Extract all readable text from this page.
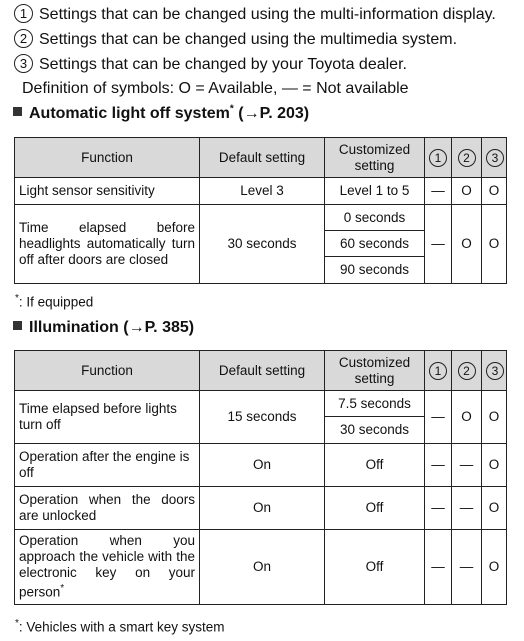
1 Settings that can be changed using the multi-information display.
2 Settings that can be changed using the multimedia system.
3 Settings that can be changed by your Toyota dealer.
Definition of symbols: O = Available, — = Not available
Automatic light off system* (→P. 203)
Function	Default setting	Customized setting	1	2	3
Light sensor sensitivity	Level 3	Level 1 to 5	—	O	O
Time elapsed before headlights automatically turn off after doors are closed	30 seconds	0 seconds	—	O	O
		60 seconds			
		90 seconds			
*: If equipped
Illumination (→P. 385)
Function	Default setting	Customized setting	1	2	3
Time elapsed before lights turn off	15 seconds	7.5 seconds	—	O	O
		30 seconds			
Operation after the engine is off	On	Off	—	—	O
Operation when the doors are unlocked	On	Off	—	—	O
Operation when you approach the vehicle with the electronic key on your person*	On	Off	—	—	O
*: Vehicles with a smart key system
